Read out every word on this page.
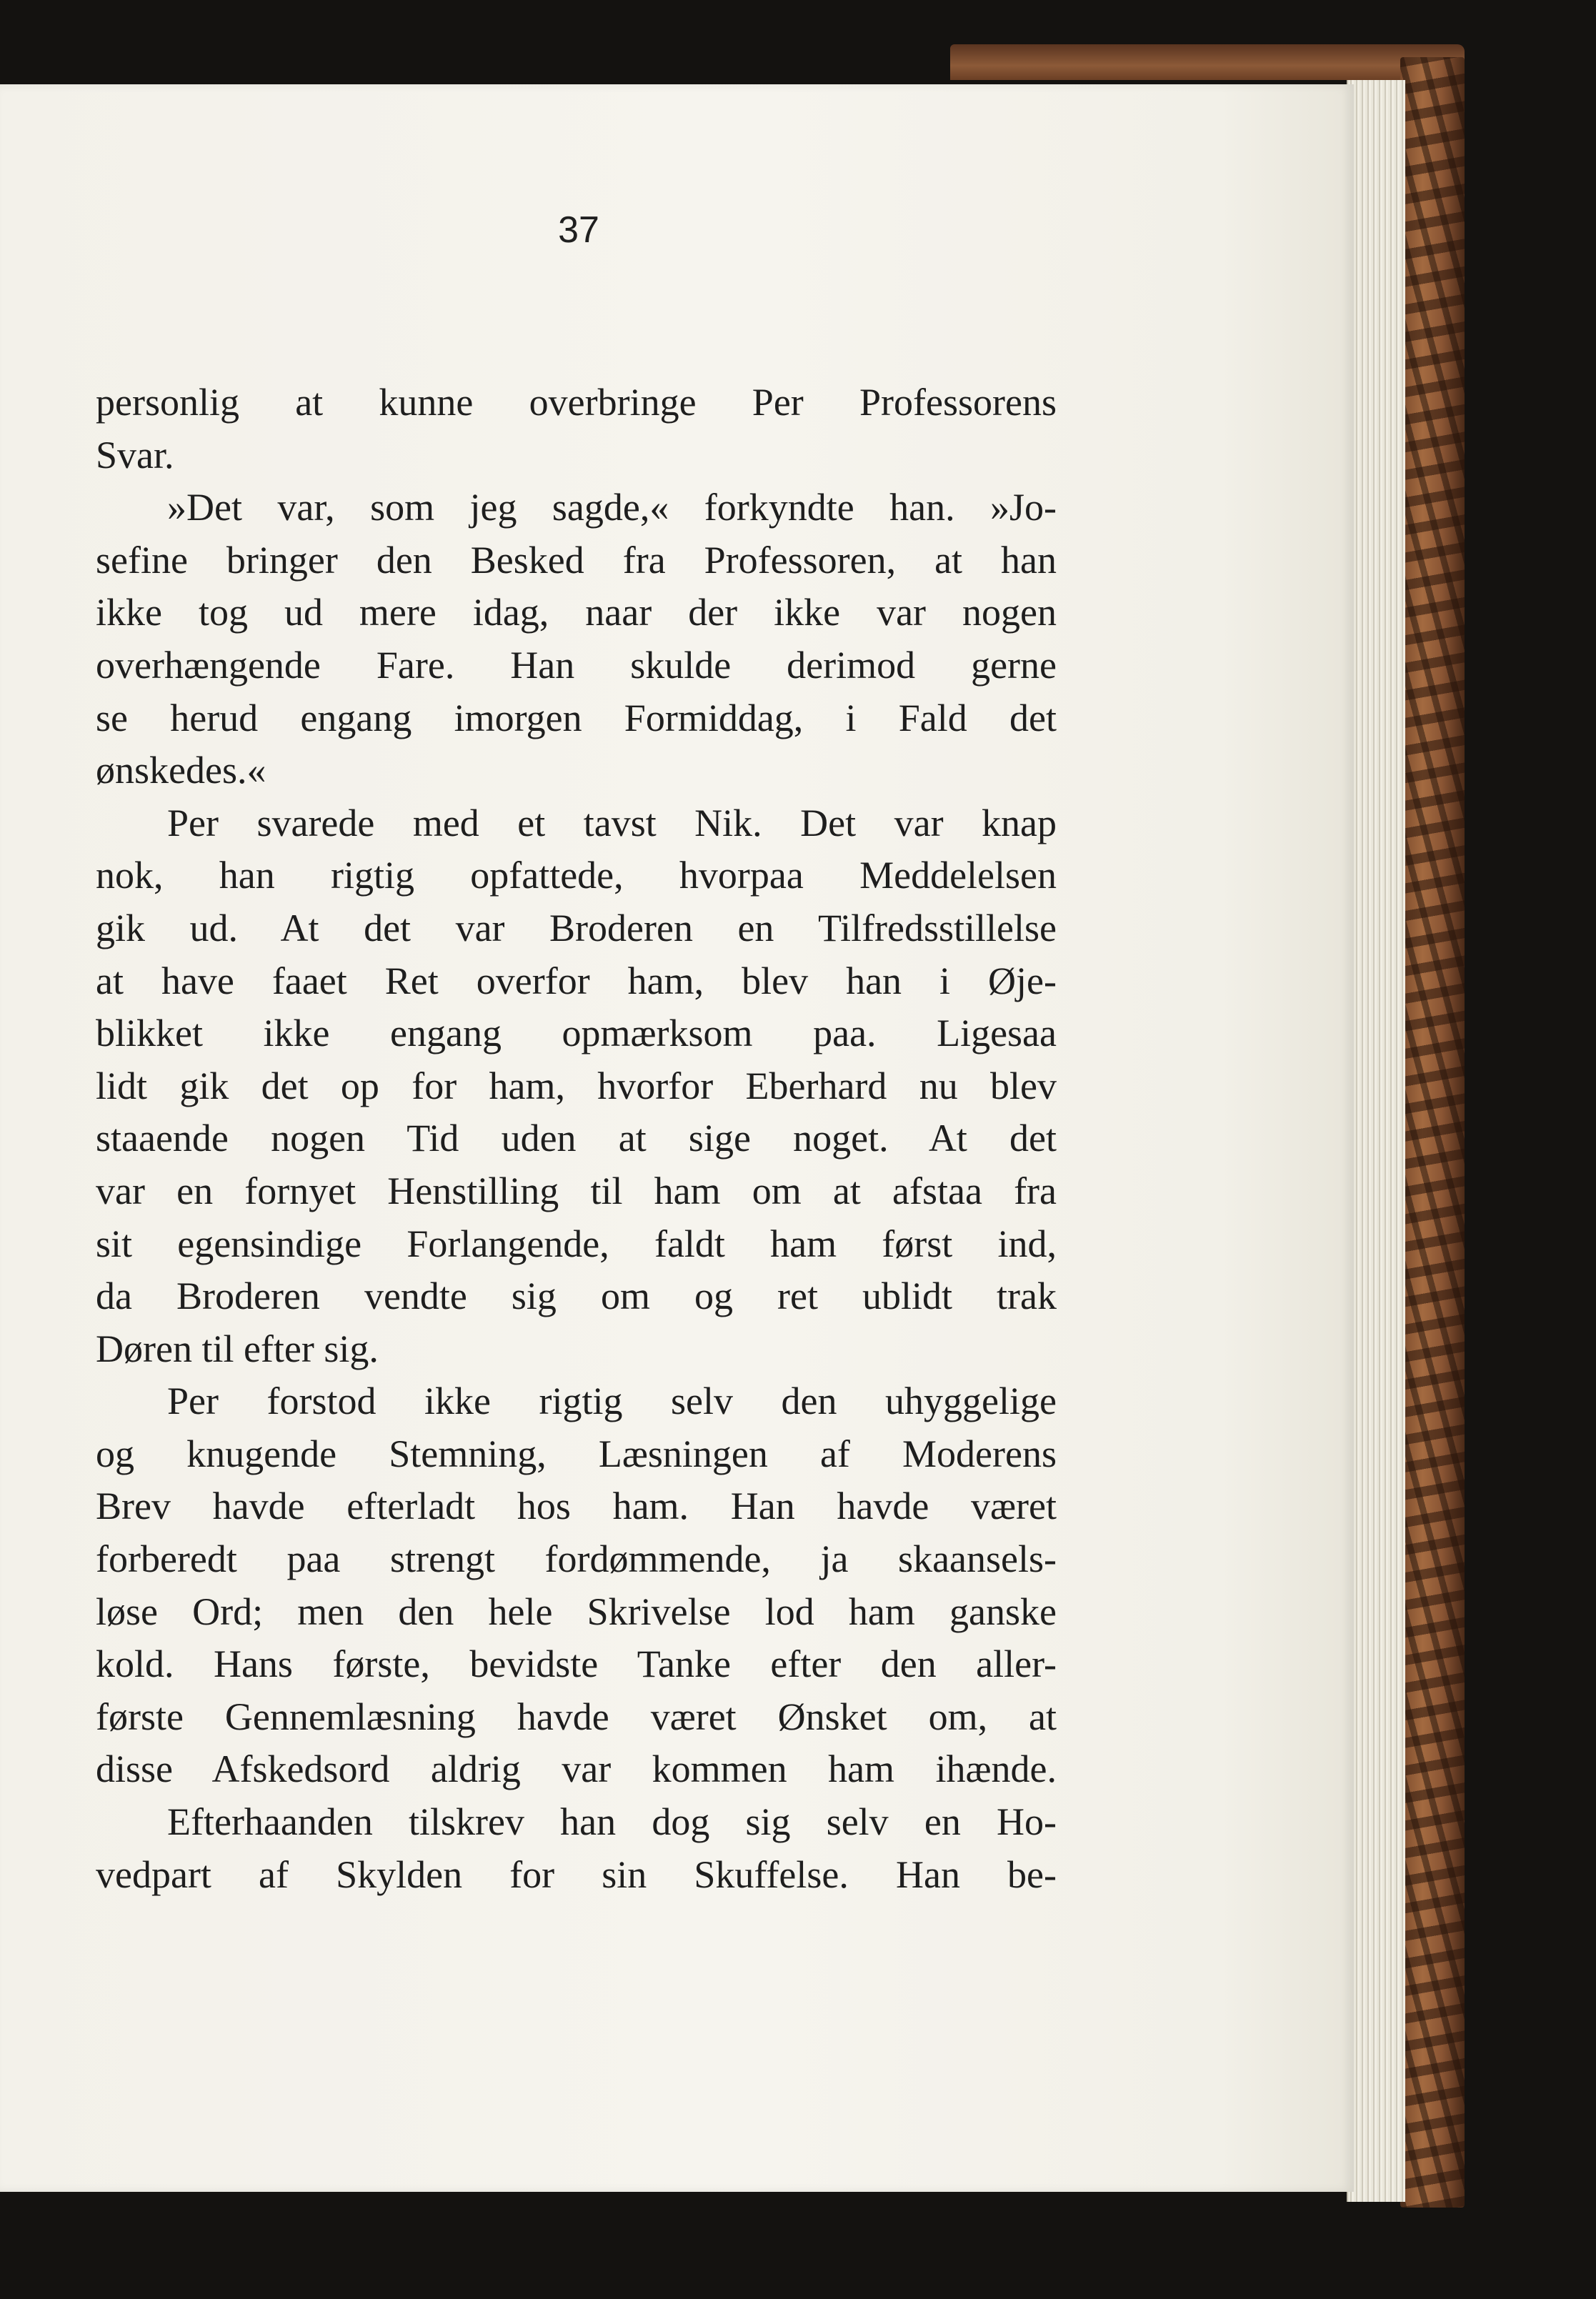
37
personlig at kunne overbringe Per Professorens
Svar.
»Det var, som jeg sagde,« forkyndte han. »Jo-
sefine bringer den Besked fra Professoren, at han
ikke tog ud mere idag, naar der ikke var nogen
overhængende Fare. Han skulde derimod gerne
se herud engang imorgen Formiddag, i Fald det
ønskedes.«
Per svarede med et tavst Nik. Det var knap
nok, han rigtig opfattede, hvorpaa Meddelelsen
gik ud. At det var Broderen en Tilfredsstillelse
at have faaet Ret overfor ham, blev han i Øje-
blikket ikke engang opmærksom paa. Ligesaa
lidt gik det op for ham, hvorfor Eberhard nu blev
staaende nogen Tid uden at sige noget. At det
var en fornyet Henstilling til ham om at afstaa fra
sit egensindige Forlangende, faldt ham først ind,
da Broderen vendte sig om og ret ublidt trak
Døren til efter sig.
Per forstod ikke rigtig selv den uhyggelige
og knugende Stemning, Læsningen af Moderens
Brev havde efterladt hos ham. Han havde været
forberedt paa strengt fordømmende, ja skaansels-
løse Ord; men den hele Skrivelse lod ham ganske
kold. Hans første, bevidste Tanke efter den aller-
første Gennemlæsning havde været Ønsket om, at
disse Afskedsord aldrig var kommen ham ihænde.
Efterhaanden tilskrev han dog sig selv en Ho-
vedpart af Skylden for sin Skuffelse. Han be-
